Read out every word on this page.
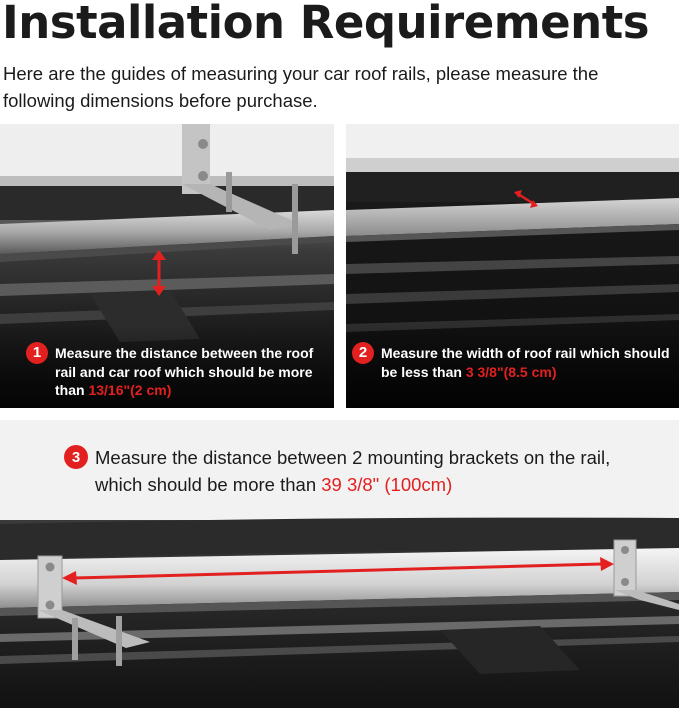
Installation Requirements

Here are the guides of measuring your car roof rails, please measure the following dimensions before purchase.

1 Measure the distance between the roof rail and car roof which should be more than 13/16"(2 cm)
2 Measure the width of roof rail which should be less than 3 3/8"(8.5 cm)
3 Measure the distance between 2 mounting brackets on the rail, which should be more than 39 3/8" (100cm)
